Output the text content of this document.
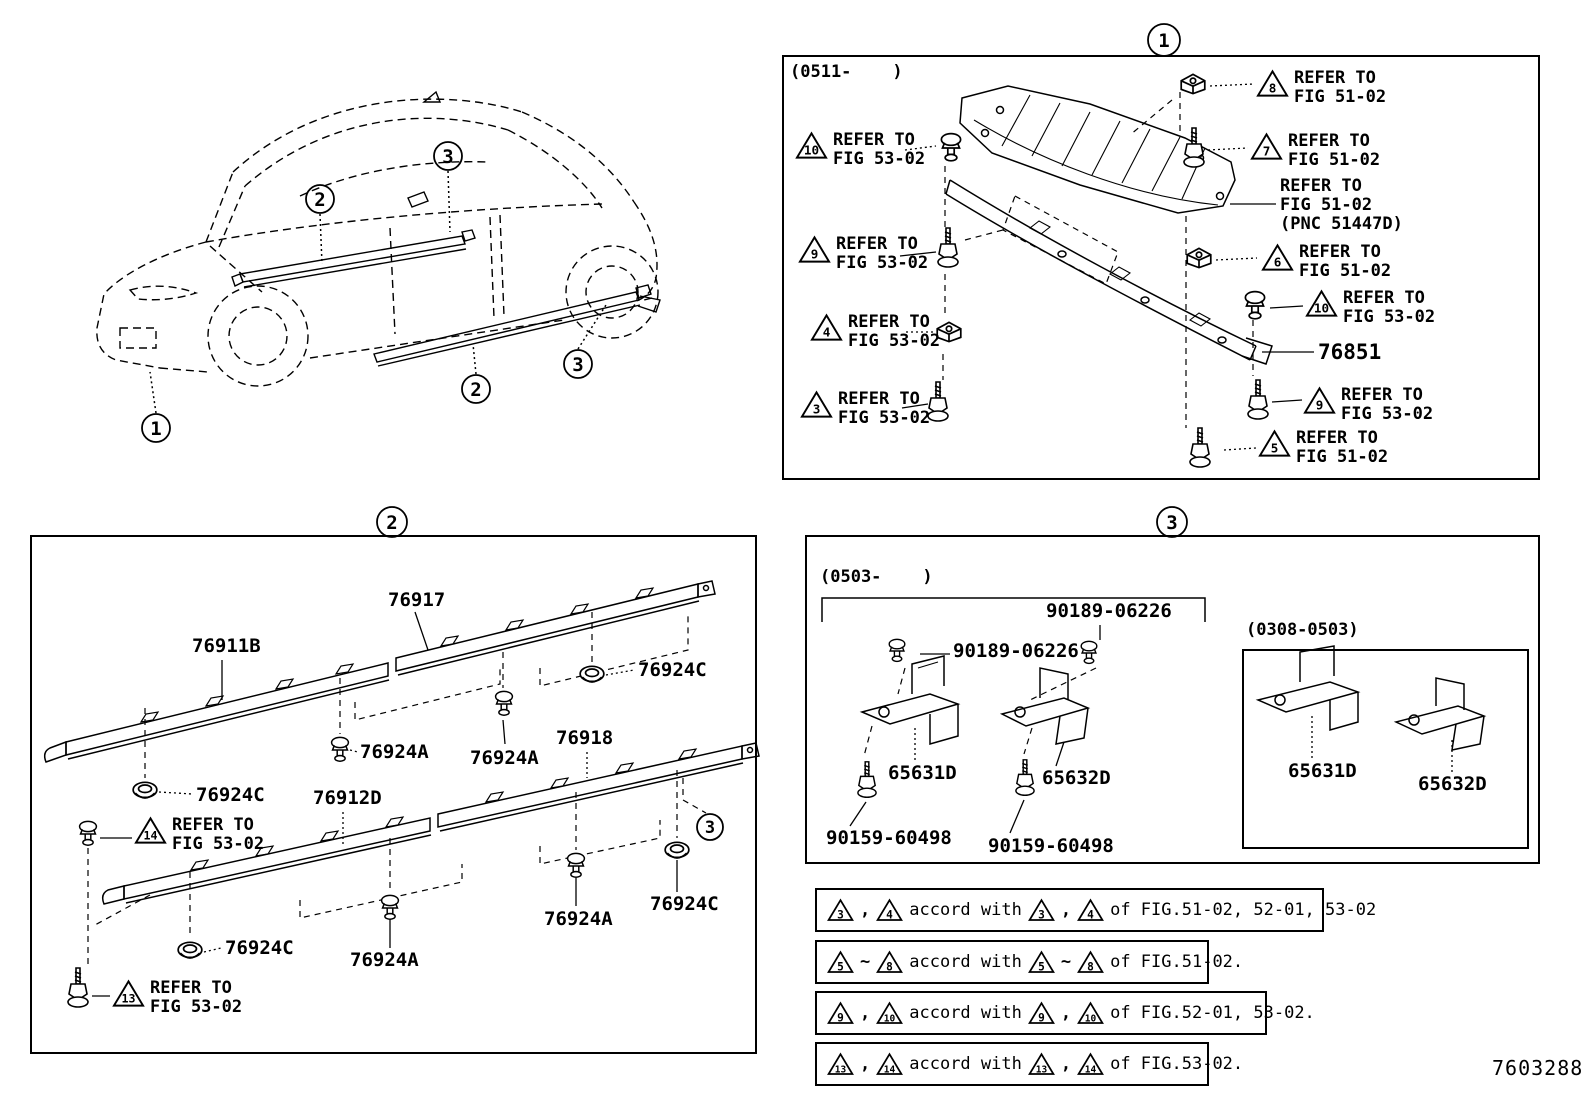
1
2
3
2
3
1
2	3
3
(0511-    )
10
REFER TO
FIG 53-02
9
REFER TO
FIG 53-02
4
REFER TO
FIG 53-02
3
REFER TO
FIG 53-02
8
REFER TO
FIG 51-02
7
REFER TO
FIG 51-02
REFER TO
FIG 51-02
(PNC 51447D)
6
REFER TO
FIG 51-02
10
REFER TO
FIG 53-02
76851
9
REFER TO
FIG 53-02
5
REFER TO
FIG 51-02
76917
76911B
76924C
76924A 76924A
76918
76924C	76912D
76924C
76924A
76924A
76924C
14
REFER TO
FIG 53-02
13
REFER TO
FIG 53-02
(0503-    )
90189-06226
90189-06226
65631D	65632D
90159-60498 90159-60498
(0308-0503)
65631D
65632D
3 , 4 accord with 3 , 4 of FIG.51-02, 52-01, 53-02
5 ~ 8 accord with 5 ~ 8 of FIG.51-02.
9 , 10 accord with 9 , 10 of FIG.52-01, 53-02.
13 , 14 accord with 13 , 14 of FIG.53-02.	7603288
